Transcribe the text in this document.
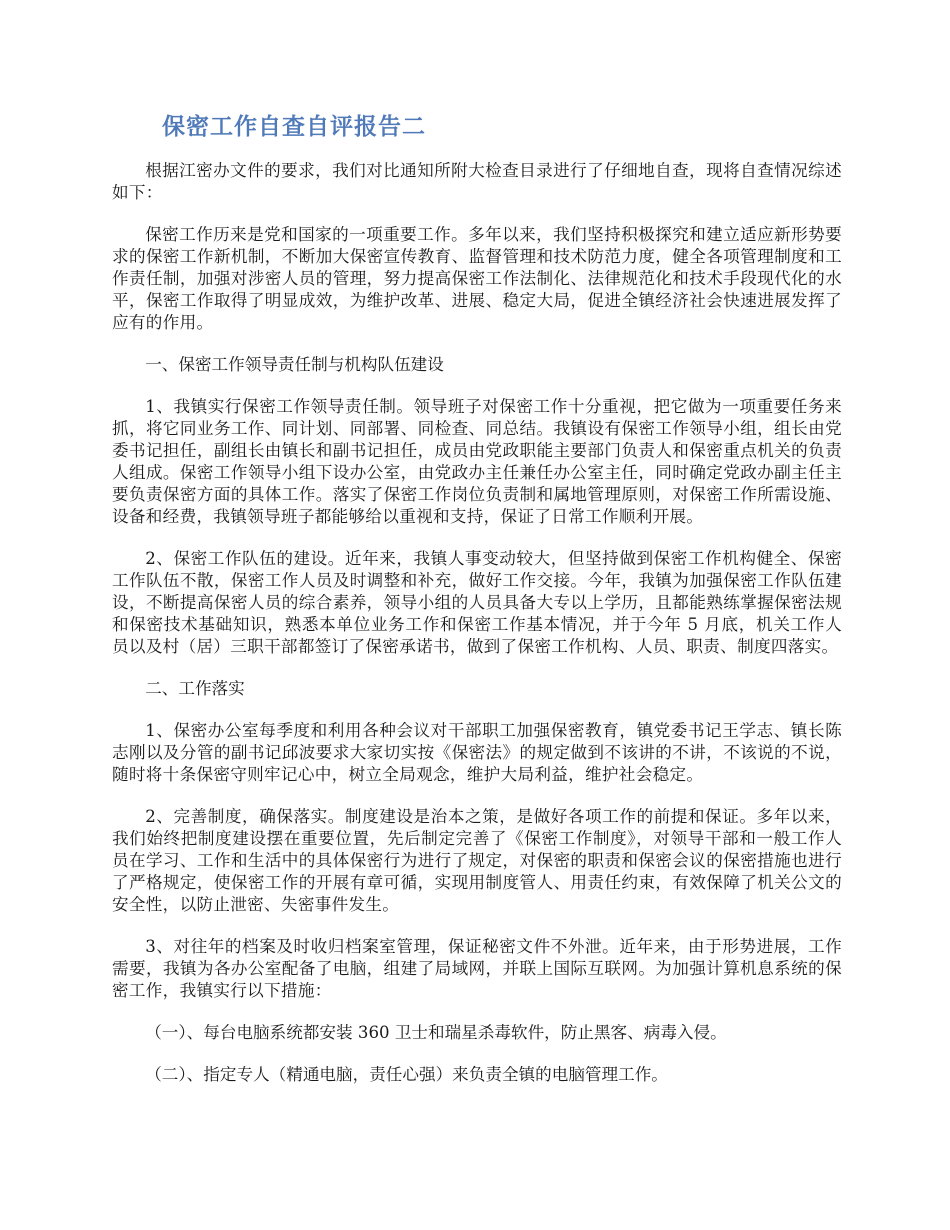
保密工作自查自评报告二

根据江密办文件的要求，我们对比通知所附大检查目录进行了仔细地自查，现将自查情况综述如下：

保密工作历来是党和国家的一项重要工作。多年以来，我们坚持积极探究和建立适应新形势要求的保密工作新机制，不断加大保密宣传教育、监督管理和技术防范力度，健全各项管理制度和工作责任制，加强对涉密人员的管理，努力提高保密工作法制化、法律规范化和技术手段现代化的水平，保密工作取得了明显成效，为维护改革、进展、稳定大局，促进全镇经济社会快速进展发挥了应有的作用。

一、保密工作领导责任制与机构队伍建设

1、我镇实行保密工作领导责任制。领导班子对保密工作十分重视，把它做为一项重要任务来抓，将它同业务工作、同计划、同部署、同检查、同总结。我镇设有保密工作领导小组，组长由党委书记担任，副组长由镇长和副书记担任，成员由党政职能主要部门负责人和保密重点机关的负责人组成。保密工作领导小组下设办公室，由党政办主任兼任办公室主任，同时确定党政办副主任主要负责保密方面的具体工作。落实了保密工作岗位负责制和属地管理原则，对保密工作所需设施、设备和经费，我镇领导班子都能够给以重视和支持，保证了日常工作顺利开展。

2、保密工作队伍的建设。近年来，我镇人事变动较大，但坚持做到保密工作机构健全、保密工作队伍不散，保密工作人员及时调整和补充，做好工作交接。今年，我镇为加强保密工作队伍建设，不断提高保密人员的综合素养，领导小组的人员具备大专以上学历，且都能熟练掌握保密法规和保密技术基础知识，熟悉本单位业务工作和保密工作基本情况，并于今年 5 月底，机关工作人员以及村（居）三职干部都签订了保密承诺书，做到了保密工作机构、人员、职责、制度四落实。

二、工作落实

1、保密办公室每季度和利用各种会议对干部职工加强保密教育，镇党委书记王学志、镇长陈志刚以及分管的副书记邱波要求大家切实按《保密法》的规定做到不该讲的不讲，不该说的不说，随时将十条保密守则牢记心中，树立全局观念，维护大局利益，维护社会稳定。

2、完善制度，确保落实。制度建设是治本之策，是做好各项工作的前提和保证。多年以来，我们始终把制度建设摆在重要位置，先后制定完善了《保密工作制度》，对领导干部和一般工作人员在学习、工作和生活中的具体保密行为进行了规定，对保密的职责和保密会议的保密措施也进行了严格规定，使保密工作的开展有章可循，实现用制度管人、用责任约束，有效保障了机关公文的安全性，以防止泄密、失密事件发生。

3、对往年的档案及时收归档案室管理，保证秘密文件不外泄。近年来，由于形势进展，工作需要，我镇为各办公室配备了电脑，组建了局域网，并联上国际互联网。为加强计算机息系统的保密工作，我镇实行以下措施：

（一）、每台电脑系统都安装 360 卫士和瑞星杀毒软件，防止黑客、病毒入侵。

（二）、指定专人（精通电脑，责任心强）来负责全镇的电脑管理工作。
